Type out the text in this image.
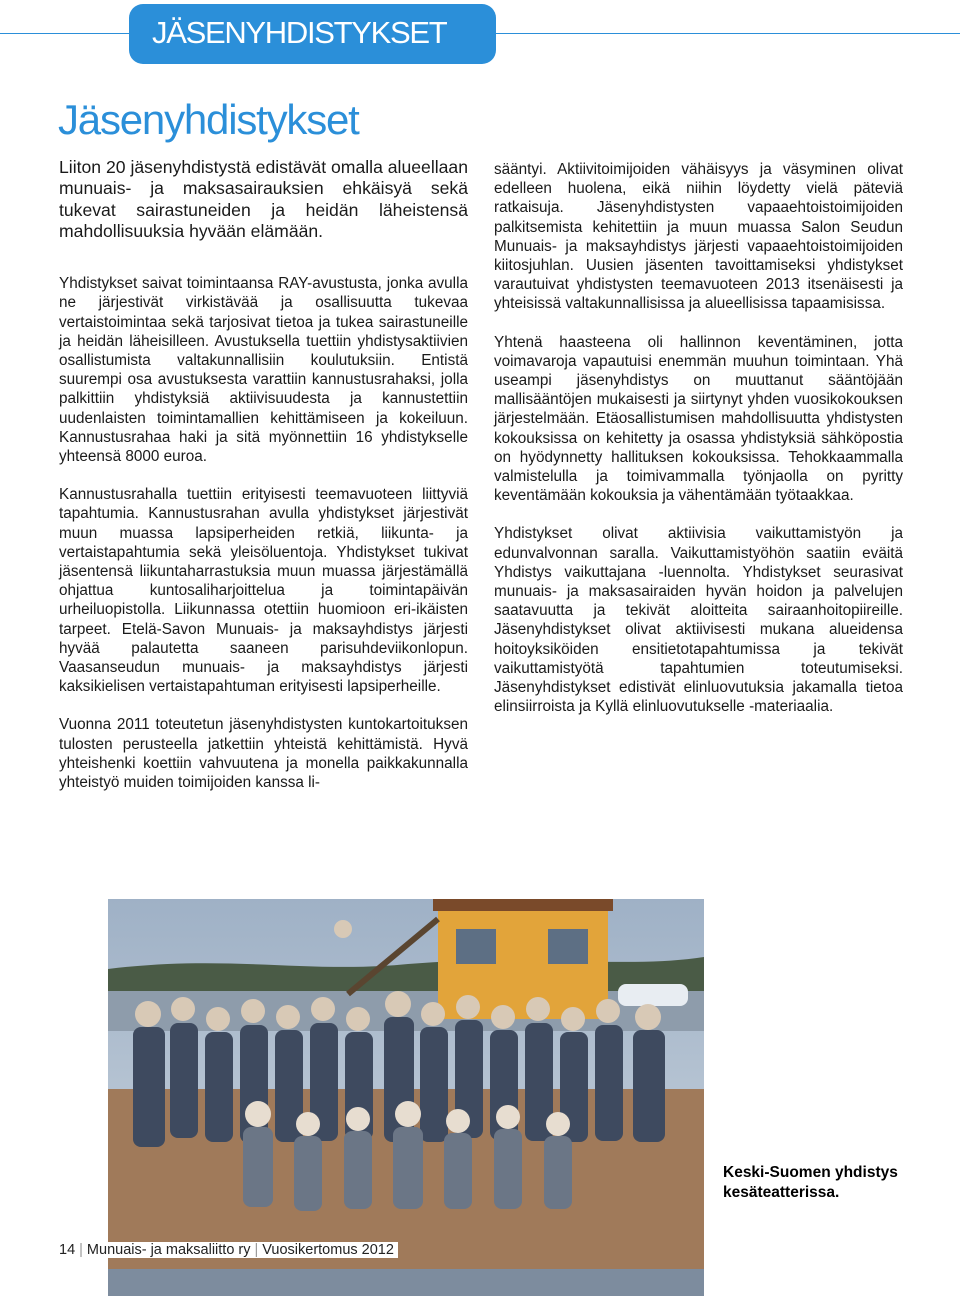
JÄSENYHDISTYKSET
Jäsenyhdistykset

Liiton 20 jäsenyhdistystä edistävät omalla alueellaan munuais- ja maksasairauksien ehkäisyä sekä tukevat sairastuneiden ja heidän läheistensä mahdollisuuksia hyvään elämään.

Yhdistykset saivat toimintaansa RAY-avustusta, jonka avulla ne järjestivät virkistävää ja osallisuutta tukevaa vertaistoimintaa sekä tarjosivat tietoa ja tukea sairastuneille ja heidän läheisilleen. Avustuksella tuettiin yhdistysaktiivien osallistumista valtakunnallisiin koulutuksiin. Entistä suurempi osa avustuksesta varattiin kannustusrahaksi, jolla palkittiin yhdistyksiä aktiivisuudesta ja kannustettiin uudenlaisten toimintamallien kehittämiseen ja kokeiluun. Kannustusrahaa haki ja sitä myönnettiin 16 yhdistykselle yhteensä 8000 euroa.

Kannustusrahalla tuettiin erityisesti teemavuoteen liittyviä tapahtumia. Kannustusrahan avulla yhdistykset järjestivät muun muassa lapsiperheiden retkiä, liikunta- ja vertaistapahtumia sekä yleisöluentoja. Yhdistykset tukivat jäsentensä liikuntaharrastuksia muun muassa järjestämällä ohjattua kuntosaliharjoittelua ja toimintapäivän urheiluopistolla. Liikunnassa otettiin huomioon eri-ikäisten tarpeet. Etelä-Savon Munuais- ja maksayhdistys järjesti hyvää palautetta saaneen parisuhdeviikonlopun. Vaasanseudun munuais- ja maksayhdistys järjesti kaksikielisen vertaistapahtuman erityisesti lapsiperheille.

Vuonna 2011 toteutetun jäsenyhdistysten kuntokartoituksen tulosten perusteella jatkettiin yhteistä kehittämistä. Hyvä yhteishenki koettiin vahvuutena ja monella paikkakunnalla yhteistyö muiden toimijoiden kanssa li-

sääntyi. Aktiivitoimijoiden vähäisyys ja väsyminen olivat edelleen huolena, eikä niihin löydetty vielä päteviä ratkaisuja. Jäsenyhdistysten vapaaehtoistoimijoiden palkitsemista kehitettiin ja muun muassa Salon Seudun Munuais- ja maksayhdistys järjesti vapaaehtoistoimijoiden kiitosjuhlan. Uusien jäsenten tavoittamiseksi yhdistykset varautuivat yhdistysten teemavuoteen 2013 itsenäisesti ja yhteisissä valtakunnallisissa ja alueellisissa tapaamisissa.

Yhtenä haasteena oli hallinnon keventäminen, jotta voimavaroja vapautuisi enemmän muuhun toimintaan. Yhä useampi jäsenyhdistys on muuttanut sääntöjään mallisääntöjen mukaisesti ja siirtynyt yhden vuosikokouksen järjestelmään. Etäosallistumisen mahdollisuutta yhdistysten kokouksissa on kehitetty ja osassa yhdistyksiä sähköpostia on hyödynnetty hallituksen kokouksissa. Tehokkaammalla valmistelulla ja toimivammalla työnjaolla on pyritty keventämään kokouksia ja vähentämään työtaakkaa.

Yhdistykset olivat aktiivisia vaikuttamistyön ja edunvalvonnan saralla. Vaikuttamistyöhön saatiin eväitä Yhdistys vaikuttajana -luennolta. Yhdistykset seurasivat munuais- ja maksasairaiden hyvän hoidon ja palvelujen saatavuutta ja tekivät aloitteita sairaanhoitopiireille. Jäsenyhdistykset olivat aktiivisesti mukana alueidensa hoitoyksiköiden ensitietotapahtumissa ja tekivät vaikuttamistyötä tapahtumien toteutumiseksi. Jäsenyhdistykset edistivät elinluovutuksia jakamalla tietoa elinsiirroista ja Kyllä elinluovutukselle -materiaalia.

Keski-Suomen yhdistys kesäteatterissa.
14 | Munuais- ja maksaliitto ry | Vuosikertomus 2012
